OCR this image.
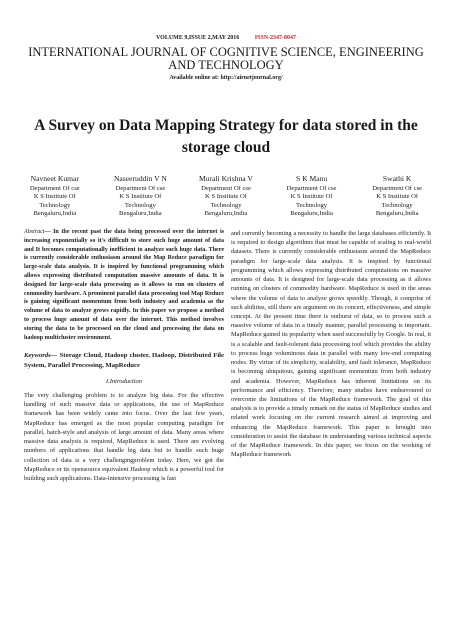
VOLUME 9,ISSUE 2,MAY 2016	ISSN-2347-8047
INTERNATIONAL JOURNAL OF COGNITIVE SCIENCE, ENGINEERING AND TECHNOLOGY
Available online at: http://airnetjournal.org/
A Survey on Data Mapping Strategy for data stored in the storage cloud
Navneet Kumar
Department Of cse
K S Institute Of
Technology
Bengaluru,India
Naseeruddin V N
Department Of cse
K S Institute Of
Technology
Bengaluru,India
Murali Krishna V
Department Of cse
K S Institute Of
Technology
Bengaluru,India
S K Manu
Department Of cse
K S Institute Of
Technology
Bengaluru,India
Swathi K
Department Of cse
K S Institute Of
Technology
Bengaluru,India
Abstract— In the recent past the data being processed over the internet is increasing exponentially so it's difficult to store such huge amount of data and It becomes computationally inefficient to analyze such huge data. There is currently considerable enthusiasm around the Map Reduce paradigm for large-scale data analysis. It is inspired by functional programming which allows expressing distributed computation massive amounts of data. It is designed for large-scale data processing as it allows to run on clusters of commodity hardware. A prominent parallel data processing tool Map Reduce is gaining significant momentum from both industry and academia as the volume of data to analyze grows rapidly. In this paper we propose a method to process huge amount of data over the internet. This method involves storing the data to be processed on the cloud and processing the data on hadoop multicluster environment.
Keywords— Storage Cloud, Hadoop cluster, Hadoop, Distributed File System, Parallel Processing, MapReduce
I.Introduction
The very challenging problem is to analyze big data. For the effective handling of such massive data or applications, the use of MapReduce framework has been widely came into focus. Over the last few years, MapReduce has emerged as the most popular computing paradigm for parallel, batch-style and analysis of large amount of data. Many areas where massive data analysis is required, MapReduce is used. There are evolving numbers of applications that handle big data but to handle such huge collection of data is a very challengingproblem today. Here, we got the MapReduce or its opensource equivalent Hadoop which is a powerful tool for building such applications. Data-intensive processing is fast
and currently becoming a necessity to handle the large databases efficiently. It is required to design algorithms that must be capable of scaling to real-world datasets. There is currently considerable enthusiasm around the MapReduce paradigm for large-scale data analysis. It is inspired by functional programming which allows expressing distributed computations on massive amounts of data. It is designed for large-scale data processing as it allows running on clusters of commodity hardware. MapReduce is used in the areas where the volume of data to analyze grows speedily. Though, it comprise of such abilities, still there are argument on its concert, effectiveness, and simple concept. At the present time there is outburst of data, so to process such a massive volume of data in a timely manner, parallel processing is important. MapReduce gained its popularity when used successfully by Google. In real, it is a scalable and fault-tolerant data processing tool which provides the ability to process huge voluminous data in parallel with many low-end computing nodes. By virtue of its simplicity, scalability, and fault tolerance, MapReduce is becoming ubiquitous, gaining significant momentum from both industry and academia. However, MapReduce has inherent limitations on its performance and efficiency. Therefore, many studies have endeavoured to overcome the limitations of the MapReduce framework. The goal of this analysis is to provide a timely remark on the status of MapReduce studies and related work focusing on the current research aimed at improving and enhancing the MapReduce framework. This paper is brought into consideration to assist the database in understanding various technical aspects of the MapReduce framework. In this paper, we focus on the working of MapReduce framework
